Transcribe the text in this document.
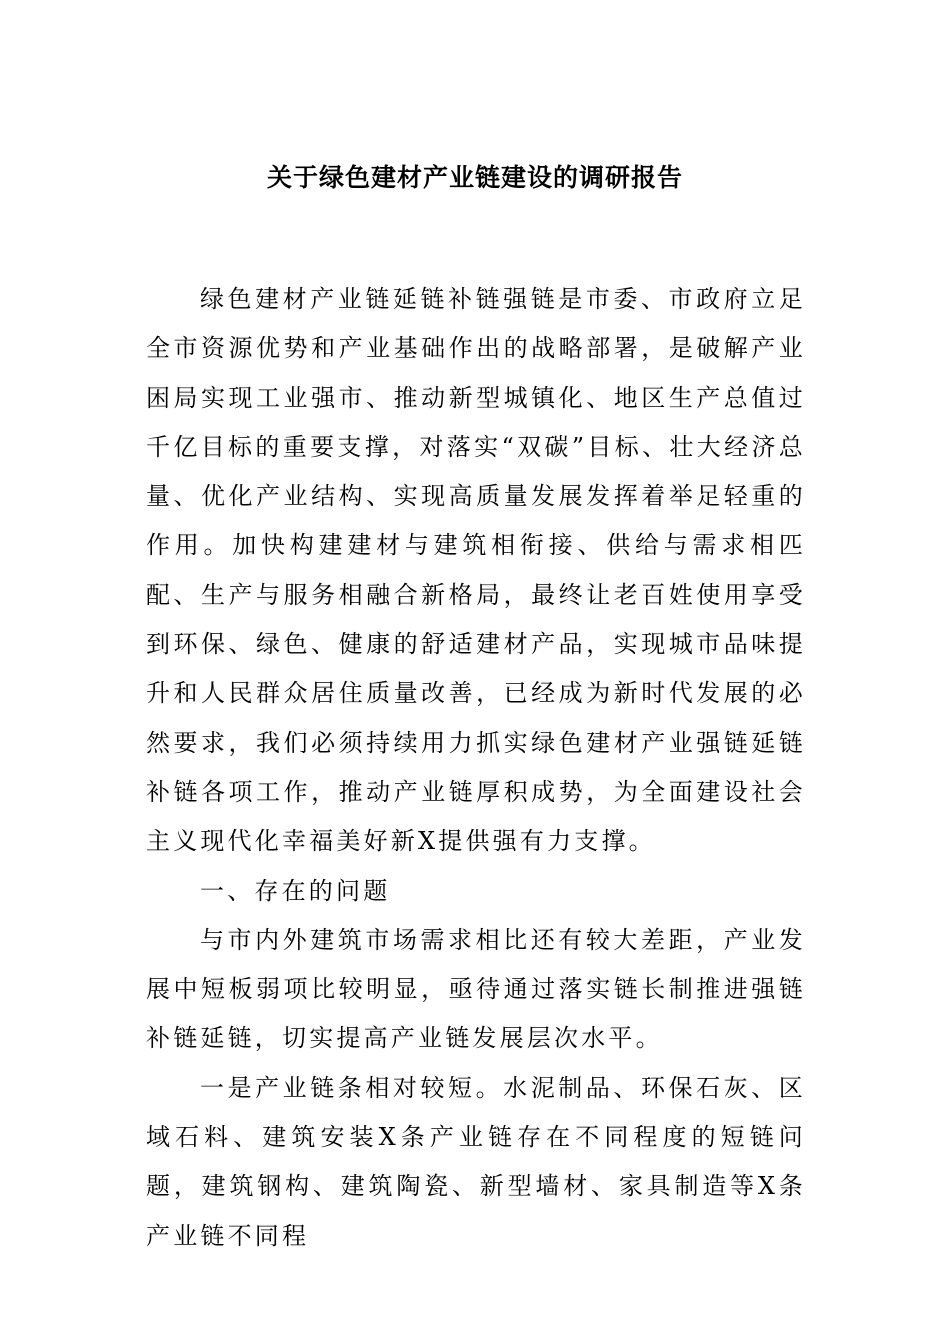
关于绿色建材产业链建设的调研报告

绿色建材产业链延链补链强链是市委、市政府立足全市资源优势和产业基础作出的战略部署，是破解产业困局实现工业强市、推动新型城镇化、地区生产总值过千亿目标的重要支撑，对落实“双碳”目标、壮大经济总量、优化产业结构、实现高质量发展发挥着举足轻重的作用。加快构建建材与建筑相衔接、供给与需求相匹配、生产与服务相融合新格局，最终让老百姓使用享受到环保、绿色、健康的舒适建材产品，实现城市品味提升和人民群众居住质量改善，已经成为新时代发展的必然要求，我们必须持续用力抓实绿色建材产业强链延链补链各项工作，推动产业链厚积成势，为全面建设社会主义现代化幸福美好新X提供强有力支撑。

一、存在的问题

与市内外建筑市场需求相比还有较大差距，产业发展中短板弱项比较明显，亟待通过落实链长制推进强链补链延链，切实提高产业链发展层次水平。

一是产业链条相对较短。水泥制品、环保石灰、区域石料、建筑安装X条产业链存在不同程度的短链问题，建筑钢构、建筑陶瓷、新型墙材、家具制造等X条产业链不同程
